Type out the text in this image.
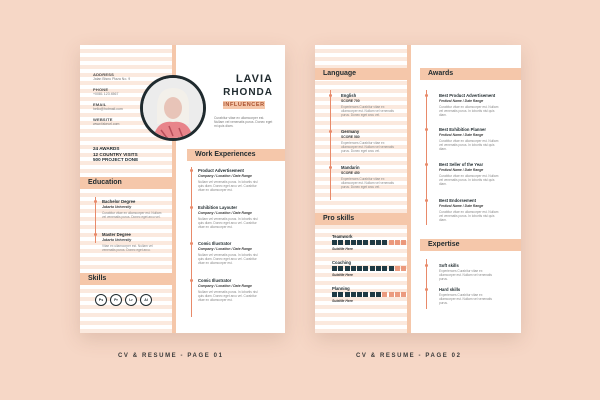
ADDRESS
Jalan Bisnu Plaza No. 9
PHONE
+0081 123 4567
EMAIL
hello@hotmail.com
WEBSITE
www.fakeurl.com
24 AWARDS
12 COUNTRY VISITS
500 PROJECT DONE
LAVIA
RHONDA
INFLUENCER
Curabitur vitae ex ullamcorper est. Nullam vel venenatis purus. Donec eget mi quis diam.
Education
Bachelor Degree
Jakarta University
Curabitur vitae ex ullamcorper est. Nullam vel venenatis purus. Donec eget arcu vel.
Master Degree
Jakarta University
Vitae ex ullamcorper est. Nullam vel venenatis purus. Donec eget arcu.
Skills
Ps	Pr	Lr	Ai
Work Experiences
Product Advertisement
Company / Location / Date Range
Nullam vel venenatis purus. In lobortis nisl quis diam. Donec eget arcu vel. Curabitur vitae ex ullamcorper est.
Exhibition Layouter
Company / Location / Date Range
Nullam vel venenatis purus. In lobortis nisl quis diam. Donec eget arcu vel. Curabitur vitae ex ullamcorper est.
Comic Illustrator
Company / Location / Date Range
Nullam vel venenatis purus. In lobortis nisl quis diam. Donec eget arcu vel. Curabitur vitae ex ullamcorper est.
Comic Illustrator
Company / Location / Date Range
Nullam vel venenatis purus. In lobortis nisl quis diam. Donec eget arcu vel. Curabitur vitae ex ullamcorper est.
Language
English
SCORE 700
Experiences Curabitur vitae ex ullamcorper est. Nullam vel venenatis purus. Donec eget arcu vel.
Germany
SCORE 580
Experiences Curabitur vitae ex ullamcorper est. Nullam vel venenatis purus. Donec eget arcu vel.
Mandarin
SCORE 450
Experiences Curabitur vitae ex ullamcorper est. Nullam vel venenatis purus. Donec eget arcu vel.
Pro skills
Teamwork
Subtitle Here
Coaching
Subtitle Here
Planning
Subtitle Here
Awards
Best Product Advertisement
Festival Name / Date Range
Curabitur vitae ex ullamcorper est. Nullam vel venenatis purus. In lobortis nisl quis diam.
Best Exhibition Planner
Festival Name / Date Range
Curabitur vitae ex ullamcorper est. Nullam vel venenatis purus. In lobortis nisl quis diam.
Best Seller of the Year
Festival Name / Date Range
Curabitur vitae ex ullamcorper est. Nullam vel venenatis purus. In lobortis nisl quis diam.
Best Endorsement
Festival Name / Date Range
Curabitur vitae ex ullamcorper est. Nullam vel venenatis purus. In lobortis nisl quis diam.
Expertise
Soft skills
Experiences Curabitur vitae ex ullamcorper est. Nullam vel venenatis purus.
Hard skills
Experiences Curabitur vitae ex ullamcorper est. Nullam vel venenatis purus.
CV & RESUME - PAGE 01	CV & RESUME - PAGE 02
